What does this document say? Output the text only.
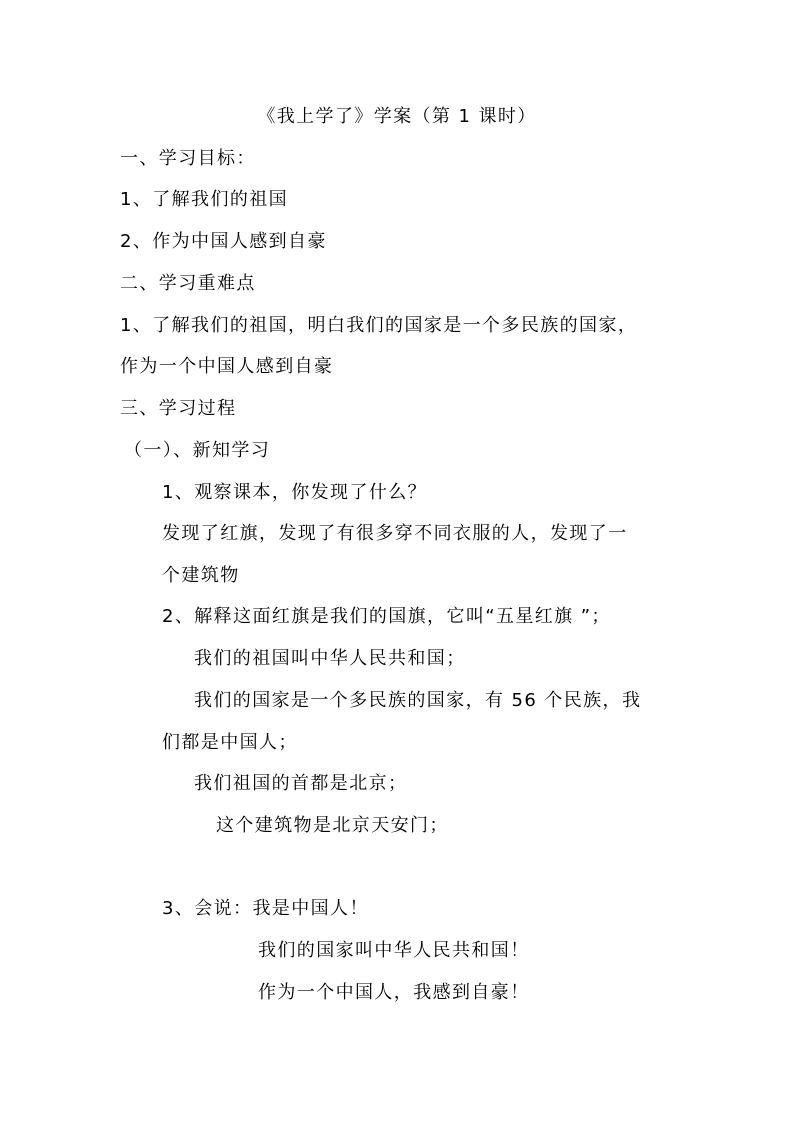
《我上学了》学案（第 1 课时）
一、学习目标：
1、了解我们的祖国
2、作为中国人感到自豪
二、学习重难点
1、了解我们的祖国，明白我们的国家是一个多民族的国家，
作为一个中国人感到自豪
三、学习过程
（一）、新知学习
1、观察课本，你发现了什么？
发现了红旗，发现了有很多穿不同衣服的人，发现了一
个建筑物
2、解释这面红旗是我们的国旗，它叫“五星红旗 ”；
我们的祖国叫中华人民共和国；
我们的国家是一个多民族的国家，有 56 个民族，我
们都是中国人；
我们祖国的首都是北京；
这个建筑物是北京天安门；
3、会说：我是中国人！
我们的国家叫中华人民共和国！
作为一个中国人，我感到自豪！
